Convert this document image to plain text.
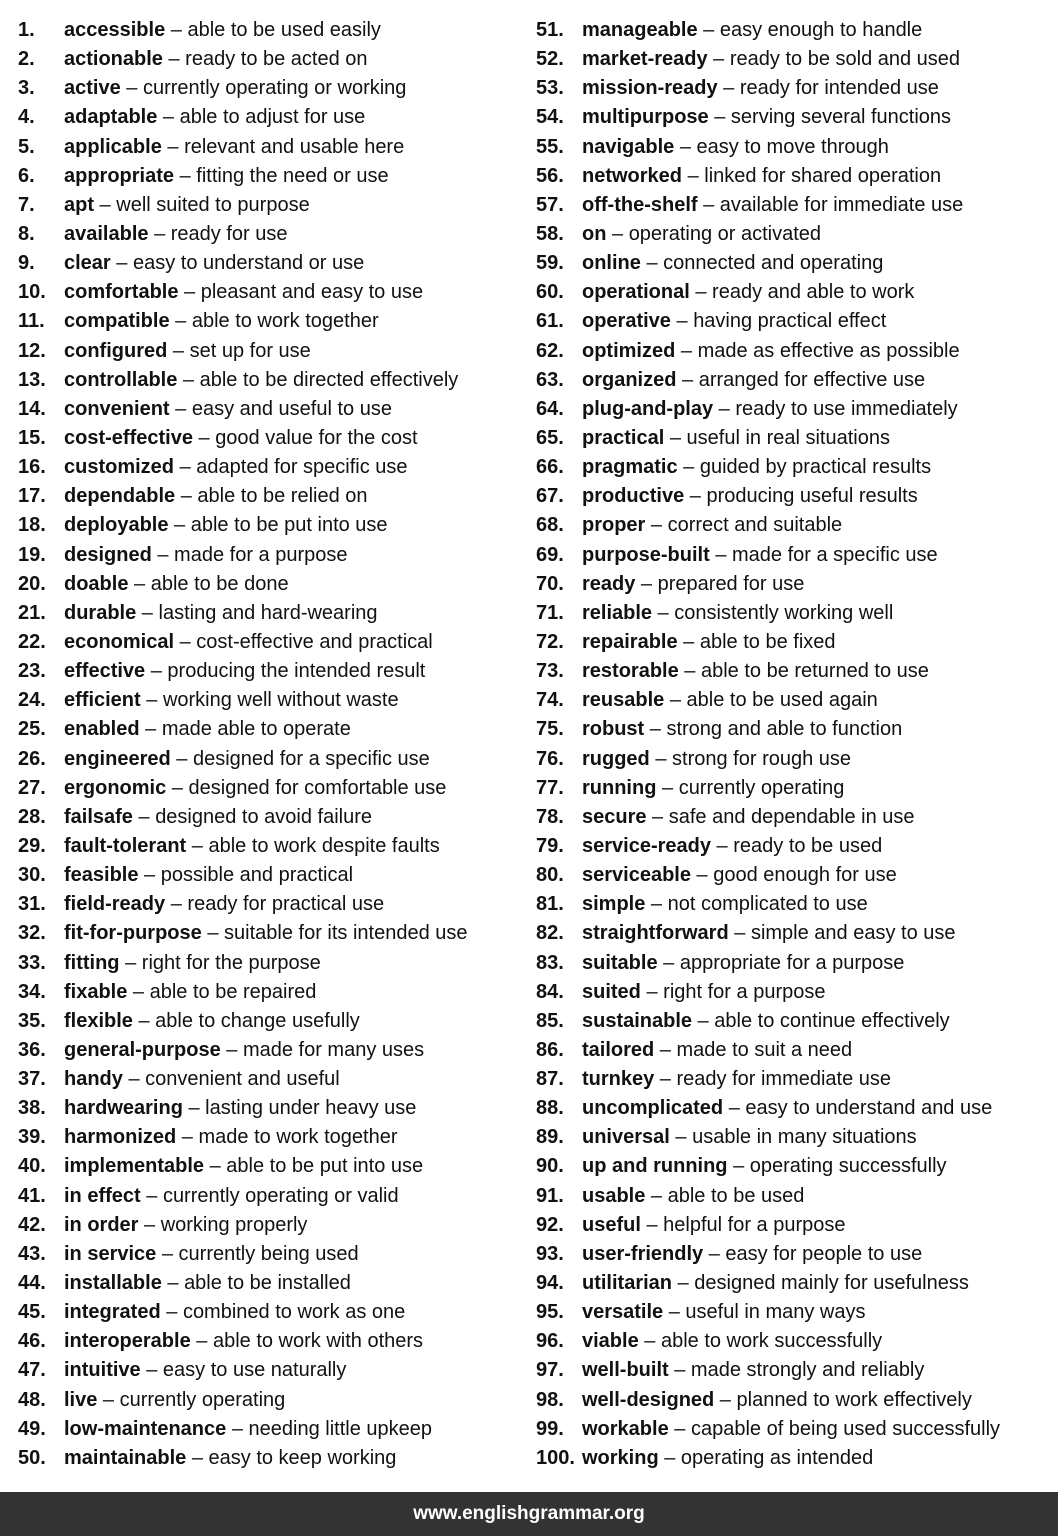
1.	accessible – able to be used easily
2.	actionable – ready to be acted on
3.	active – currently operating or working
4.	adaptable – able to adjust for use
5.	applicable – relevant and usable here
6.	appropriate – fitting the need or use
7.	apt – well suited to purpose
8.	available – ready for use
9.	clear – easy to understand or use
10. comfortable – pleasant and easy to use
11. compatible – able to work together
12. configured – set up for use
13. controllable – able to be directed effectively
14. convenient – easy and useful to use
15. cost-effective – good value for the cost
16. customized – adapted for specific use
17. dependable – able to be relied on
18. deployable – able to be put into use
19. designed – made for a purpose
20. doable – able to be done
21. durable – lasting and hard-wearing
22. economical – cost-effective and practical
23. effective – producing the intended result
24. efficient – working well without waste
25. enabled – made able to operate
26. engineered – designed for a specific use
27. ergonomic – designed for comfortable use
28. failsafe – designed to avoid failure
29. fault-tolerant – able to work despite faults
30. feasible – possible and practical
31. field-ready – ready for practical use
32. fit-for-purpose – suitable for its intended use
33. fitting – right for the purpose
34. fixable – able to be repaired
35. flexible – able to change usefully
36. general-purpose – made for many uses
37. handy – convenient and useful
38. hardwearing – lasting under heavy use
39. harmonized – made to work together
40. implementable – able to be put into use
41. in effect – currently operating or valid
42. in order – working properly
43. in service – currently being used
44. installable – able to be installed
45. integrated – combined to work as one
46. interoperable – able to work with others
47. intuitive – easy to use naturally
48. live – currently operating
49. low-maintenance – needing little upkeep
50. maintainable – easy to keep working
51. manageable – easy enough to handle
52. market-ready – ready to be sold and used
53. mission-ready – ready for intended use
54. multipurpose – serving several functions
55. navigable – easy to move through
56. networked – linked for shared operation
57. off-the-shelf – available for immediate use
58. on – operating or activated
59. online – connected and operating
60. operational – ready and able to work
61. operative – having practical effect
62. optimized – made as effective as possible
63. organized – arranged for effective use
64. plug-and-play – ready to use immediately
65. practical – useful in real situations
66. pragmatic – guided by practical results
67. productive – producing useful results
68. proper – correct and suitable
69. purpose-built – made for a specific use
70. ready – prepared for use
71. reliable – consistently working well
72. repairable – able to be fixed
73. restorable – able to be returned to use
74. reusable – able to be used again
75. robust – strong and able to function
76. rugged – strong for rough use
77. running – currently operating
78. secure – safe and dependable in use
79. service-ready – ready to be used
80. serviceable – good enough for use
81. simple – not complicated to use
82. straightforward – simple and easy to use
83. suitable – appropriate for a purpose
84. suited – right for a purpose
85. sustainable – able to continue effectively
86. tailored – made to suit a need
87. turnkey – ready for immediate use
88. uncomplicated – easy to understand and use
89. universal – usable in many situations
90. up and running – operating successfully
91. usable – able to be used
92. useful – helpful for a purpose
93. user-friendly – easy for people to use
94. utilitarian – designed mainly for usefulness
95. versatile – useful in many ways
96. viable – able to work successfully
97. well-built – made strongly and reliably
98. well-designed – planned to work effectively
99. workable – capable of being used successfully
100. working – operating as intended
www.englishgrammar.org
